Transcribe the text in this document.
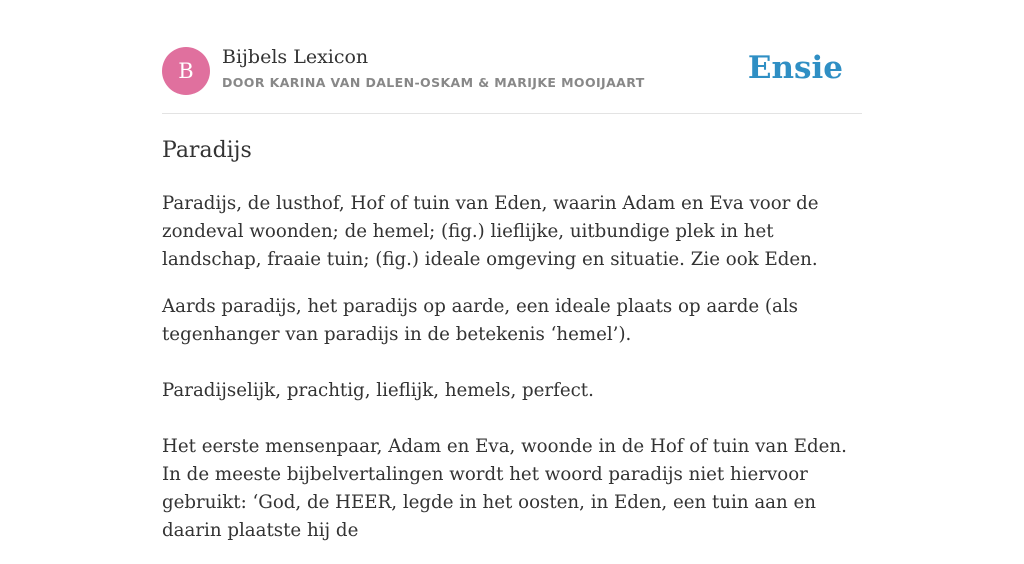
B
Bijbels Lexicon
DOOR KARINA VAN DALEN-OSKAM & MARIJKE MOOIJAART	Ensie
Paradijs

Paradijs, de lusthof, Hof of tuin van Eden, waarin Adam en Eva voor de zondeval woonden; de hemel; (fig.) lieflijke, uitbundige plek in het landschap, fraaie tuin; (fig.) ideale omgeving en situatie. Zie ook Eden.

Aards paradijs, het paradijs op aarde, een ideale plaats op aarde (als tegenhanger van paradijs in de betekenis ‘hemel’).

Paradijselijk, prachtig, lieflijk, hemels, perfect.

Het eerste mensenpaar, Adam en Eva, woonde in de Hof of tuin van Eden. In de meeste bijbelvertalingen wordt het woord paradijs niet hiervoor gebruikt: ‘God, de HEER, legde in het oosten, in Eden, een tuin aan en daarin plaatste hij de
